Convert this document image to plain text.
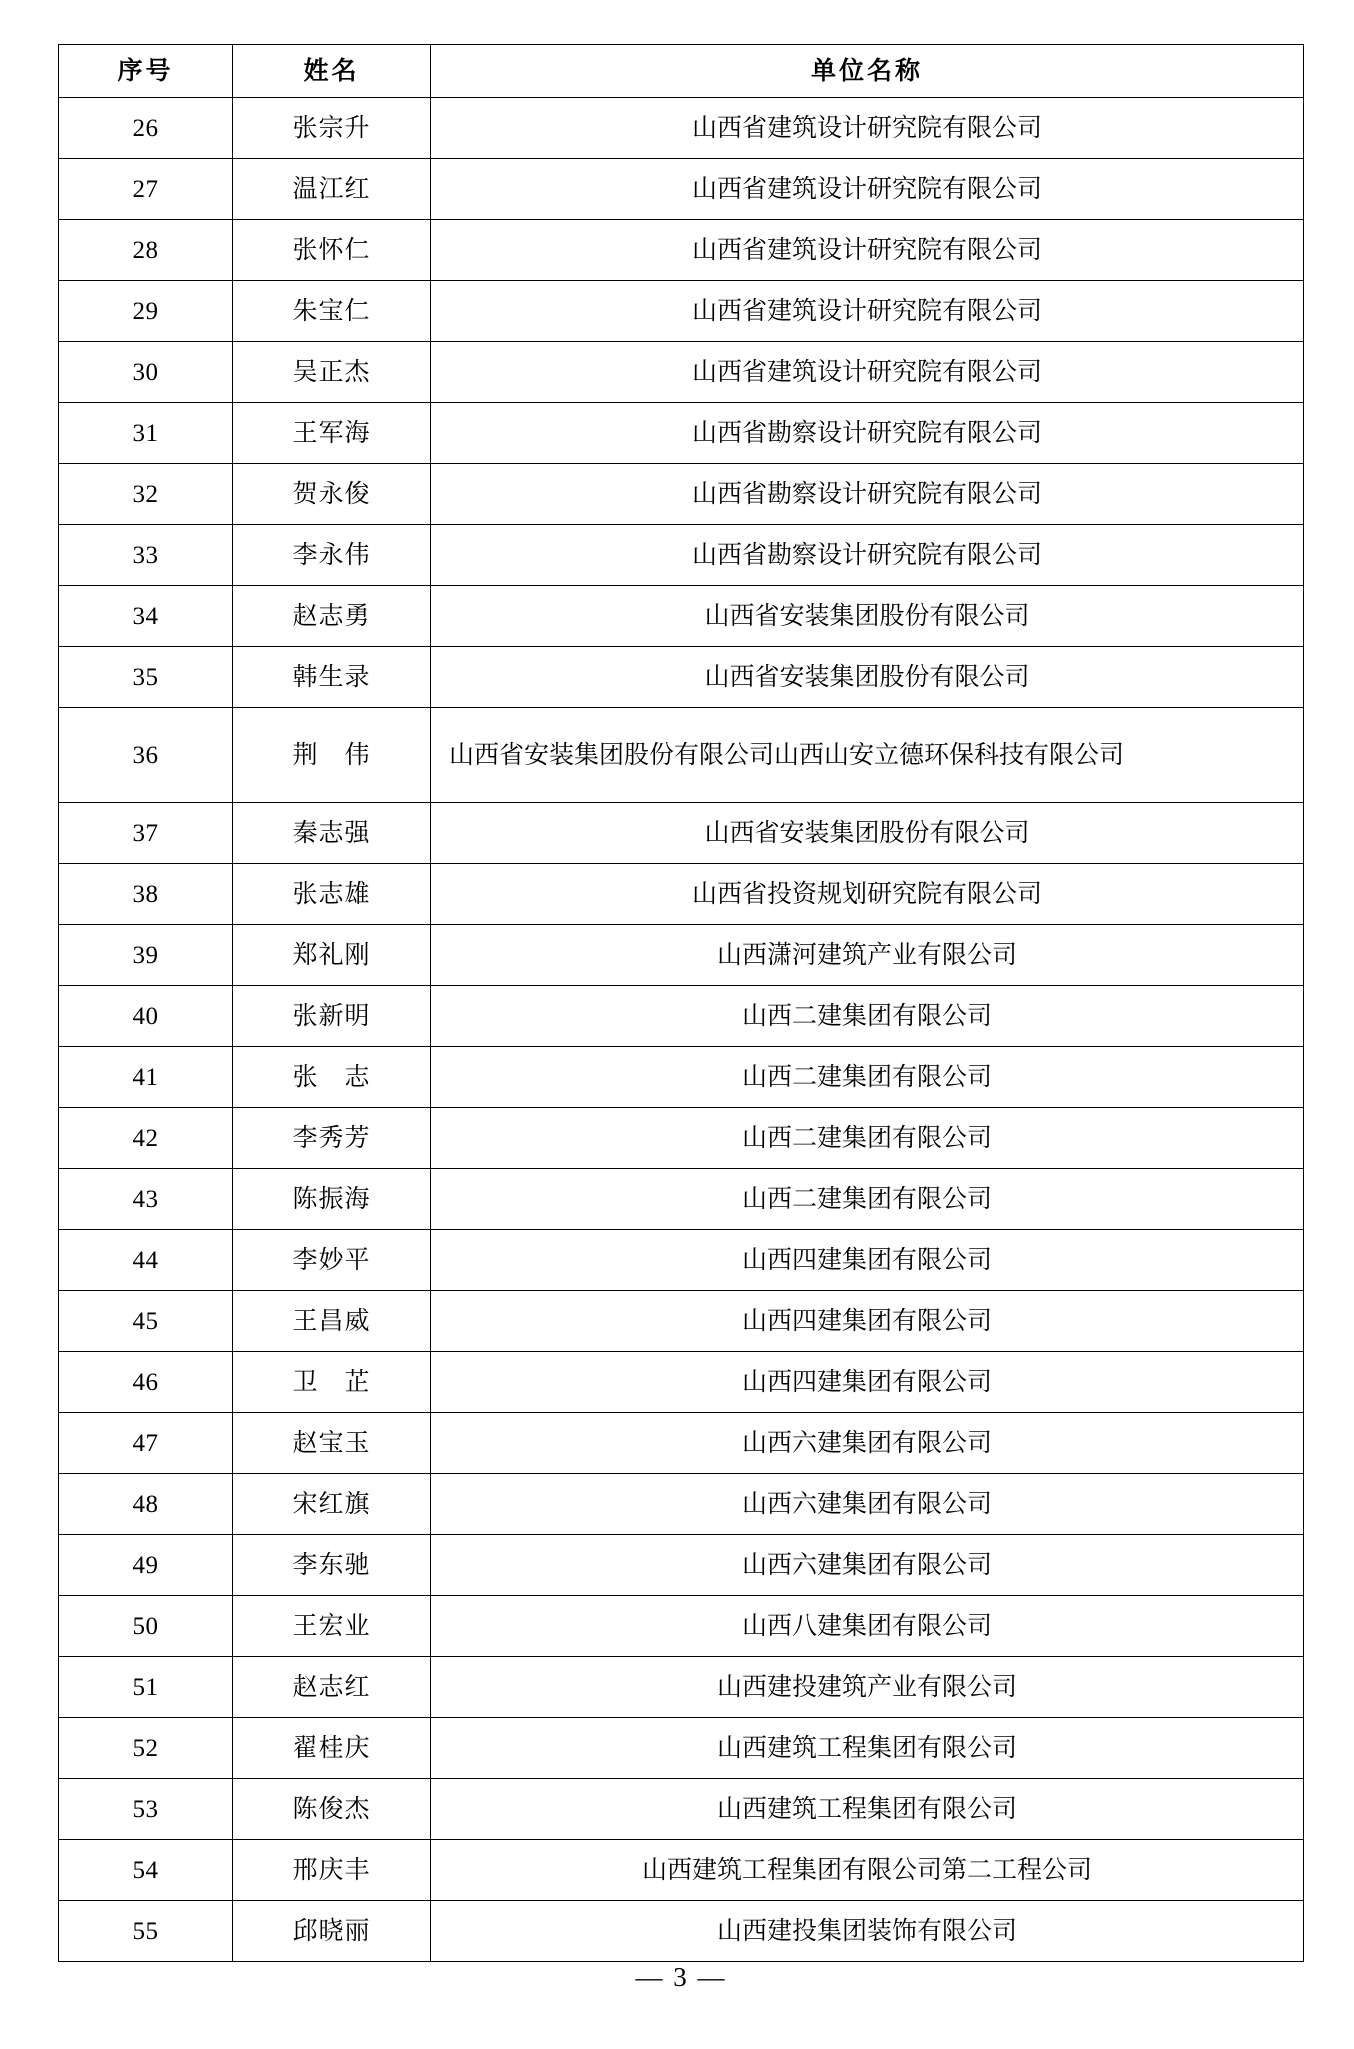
序号	姓名	单位名称
26	张宗升	山西省建筑设计研究院有限公司
27	温江红	山西省建筑设计研究院有限公司
28	张怀仁	山西省建筑设计研究院有限公司
29	朱宝仁	山西省建筑设计研究院有限公司
30	吴正杰	山西省建筑设计研究院有限公司
31	王军海	山西省勘察设计研究院有限公司
32	贺永俊	山西省勘察设计研究院有限公司
33	李永伟	山西省勘察设计研究院有限公司
34	赵志勇	山西省安装集团股份有限公司
35	韩生录	山西省安装集团股份有限公司
36	荆　伟	山西省安装集团股份有限公司山西山安立德环保科技有限公司
37	秦志强	山西省安装集团股份有限公司
38	张志雄	山西省投资规划研究院有限公司
39	郑礼刚	山西潇河建筑产业有限公司
40	张新明	山西二建集团有限公司
41	张　志	山西二建集团有限公司
42	李秀芳	山西二建集团有限公司
43	陈振海	山西二建集团有限公司
44	李妙平	山西四建集团有限公司
45	王昌威	山西四建集团有限公司
46	卫　芷	山西四建集团有限公司
47	赵宝玉	山西六建集团有限公司
48	宋红旗	山西六建集团有限公司
49	李东驰	山西六建集团有限公司
50	王宏业	山西八建集团有限公司
51	赵志红	山西建投建筑产业有限公司
52	翟桂庆	山西建筑工程集团有限公司
53	陈俊杰	山西建筑工程集团有限公司
54	邢庆丰	山西建筑工程集团有限公司第二工程公司
55	邱晓丽	山西建投集团装饰有限公司
— 3 —
